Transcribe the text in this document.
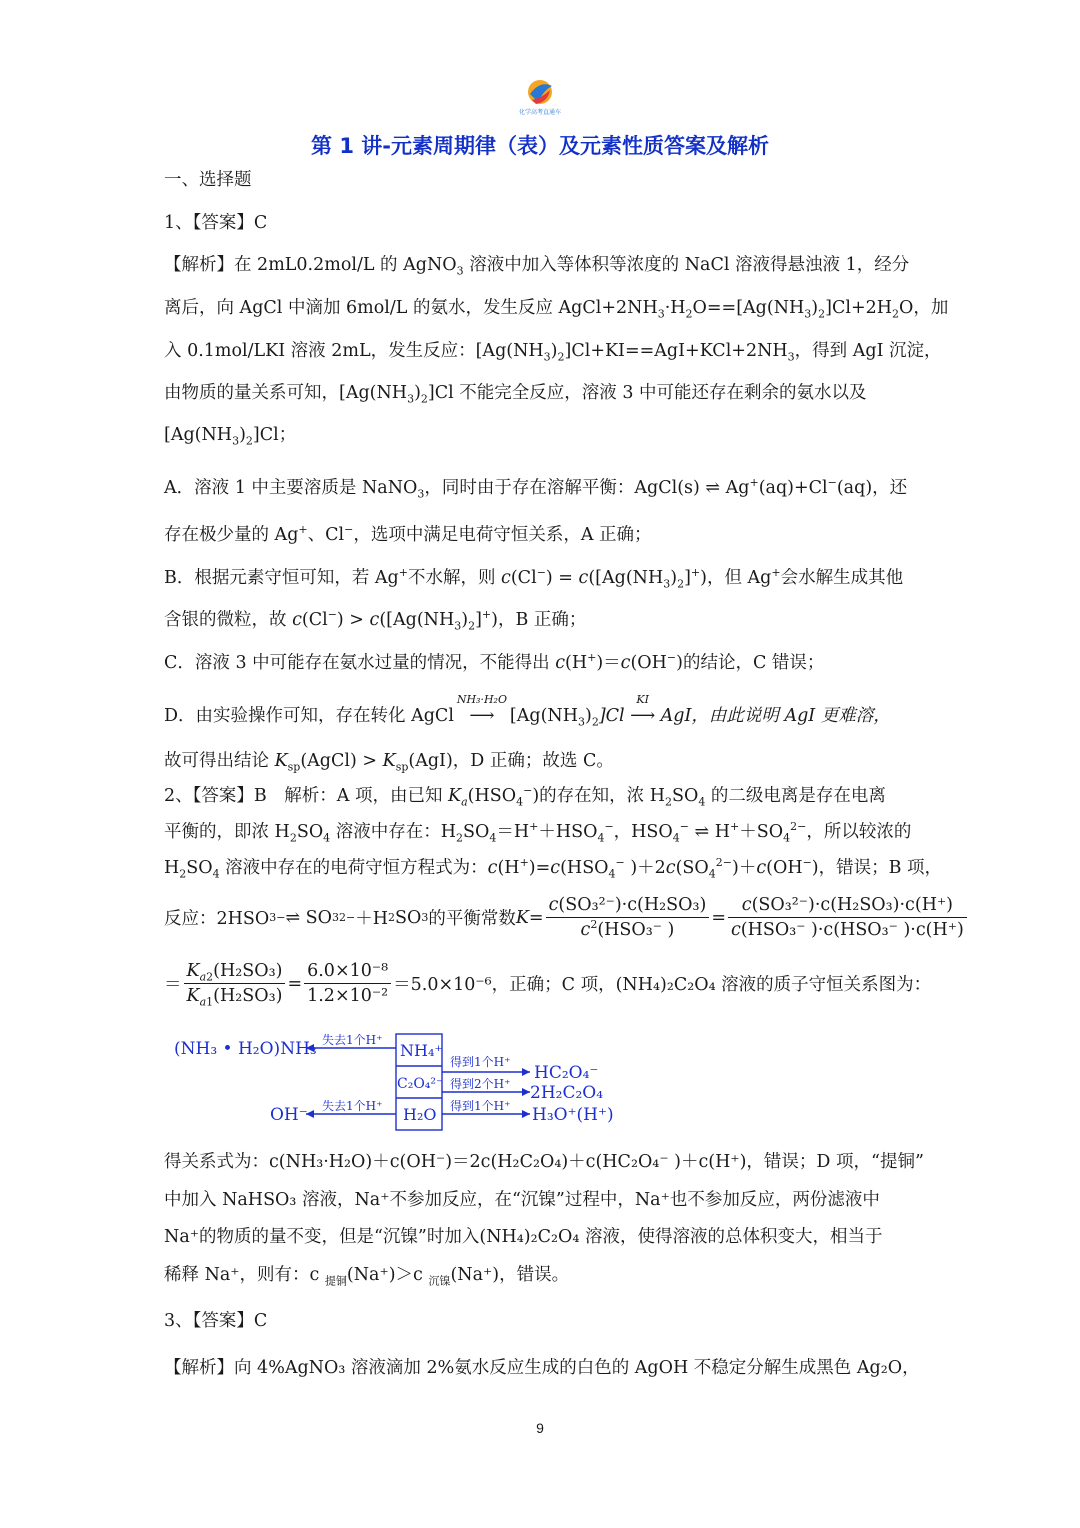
化学高考直通车
第 1 讲-元素周期律（表）及元素性质答案及解析
一、选择题
1、【答案】C
【解析】在 2mL0.2mol/L 的 AgNO$_3$ 溶液中加入等体积等浓度的 NaCl 溶液得悬浊液 1，经分
离后，向 AgCl 中滴加 6mol/L 的氨水，发生反应 $AgCl+2NH_3\cdot H_2O==[Ag(NH_3)_2]Cl+2H_2O$，加
入 0.1mol/LKI 溶液 2mL，发生反应：$[Ag(NH_3)_2]Cl+KI==AgI+KCl+2NH_3$，得到 AgI 沉淀，
由物质的量关系可知，$[Ag(NH_3)_2]Cl$ 不能完全反应，溶液 3 中可能还存在剩余的氨水以及
$[Ag(NH_3)_2]Cl$；
A．溶液 1 中主要溶质是 NaNO$_3$，同时由于存在溶解平衡：AgCl(s) ⇌ Ag+(aq)+Cl−(aq)，还
存在极少量的 Ag+、Cl−，选项中满足电荷守恒关系，A 正确；
B．根据元素守恒可知，若 Ag+不水解，则 $c(Cl^-) = c([Ag(NH_3)_2]^+)$，但 Ag+会水解生成其他
含银的微粒，故 $c(Cl^-) > c([Ag(NH_3)_2]^+)$，B 正确；
C．溶液 3 中可能存在氨水过量的情况，不能得出 c(H+)＝c(OH−)的结论，C 错误；
D．由实验操作可知，存在转化 AgCl
NH₃·H₂O
⟶ $[Ag(NH_3)_2]Cl$
KI
⟶ AgI，由此说明 AgI 更难溶，
故可得出结论 $K_{sp}(AgCl) > K_{sp}(AgI)$，D 正确；故选 C。
2、【答案】B　解析：A 项，由已知 $K_a(HSO_4^-)$的存在知，浓 $H_2SO_4$ 的二级电离是存在电离
平衡的，即浓 $H_2SO_4$ 溶液中存在：$H_2SO_4=H^++HSO_4^-$，$HSO_4^-$ ⇌ $H^++SO_4^{2-}$，所以较浓的
$H_2SO_4$ 溶液中存在的电荷守恒方程式为：$c(H^+)=c(HSO_4^-$ )$+2c(SO_4^{2-})+c(OH^-)$，错误；B 项，
反应：2HSO 3 − ⇌ SO 3 2− ＋H 2 SO 3 的平衡常数 $K = \frac{\text{c(SO₃²⁻)·c(H₂SO₃)}}{c^2(HSO_3^- )} = \frac{\text{c(SO₃²⁻)·c(H₂SO₃)·c(H⁺)}}{\text{c(HSO₃⁻ )·c(HSO₃⁻ )·c(H⁺)}}$
＝ $\frac{K_{a2}(H_2SO_3)}{K_{a1}(H_2SO_3)} = \frac{\text{6.0×10⁻⁸}}{\text{1.2×10⁻²}} =5.0\times 10^{-6}$，正确；C 项，(NH₄)₂C₂O₄ 溶液的质子守恒关系图为：
(NH₃ • H₂O)NH₃
OH⁻
失去1个H⁺
失去1个H⁺
NH₄⁺
C₂O₄²⁻
H₂O
得到1个H⁺
得到2个H⁺
得到1个H⁺
HC₂O₄⁻
2H₂C₂O₄
H₃O⁺(H⁺)
得关系式为：c(NH₃·H₂O)＋c(OH⁻)＝2c(H₂C₂O₄)＋c(HC₂O₄⁻ )＋c(H⁺)，错误；D 项，“提铜”
中加入 NaHSO₃ 溶液，Na⁺不参加反应，在“沉镍”过程中，Na⁺也不参加反应，两份滤液中
Na⁺的物质的量不变，但是“沉镍”时加入(NH₄)₂C₂O₄ 溶液，使得溶液的总体积变大，相当于
稀释 Na⁺，则有：c $_{提铜}$(Na⁺)＞c $_{沉镍}$(Na⁺)，错误。
3、【答案】C
【解析】向 4%AgNO₃ 溶液滴加 2%氨水反应生成的白色的 AgOH 不稳定分解生成黑色 Ag₂O，
9
